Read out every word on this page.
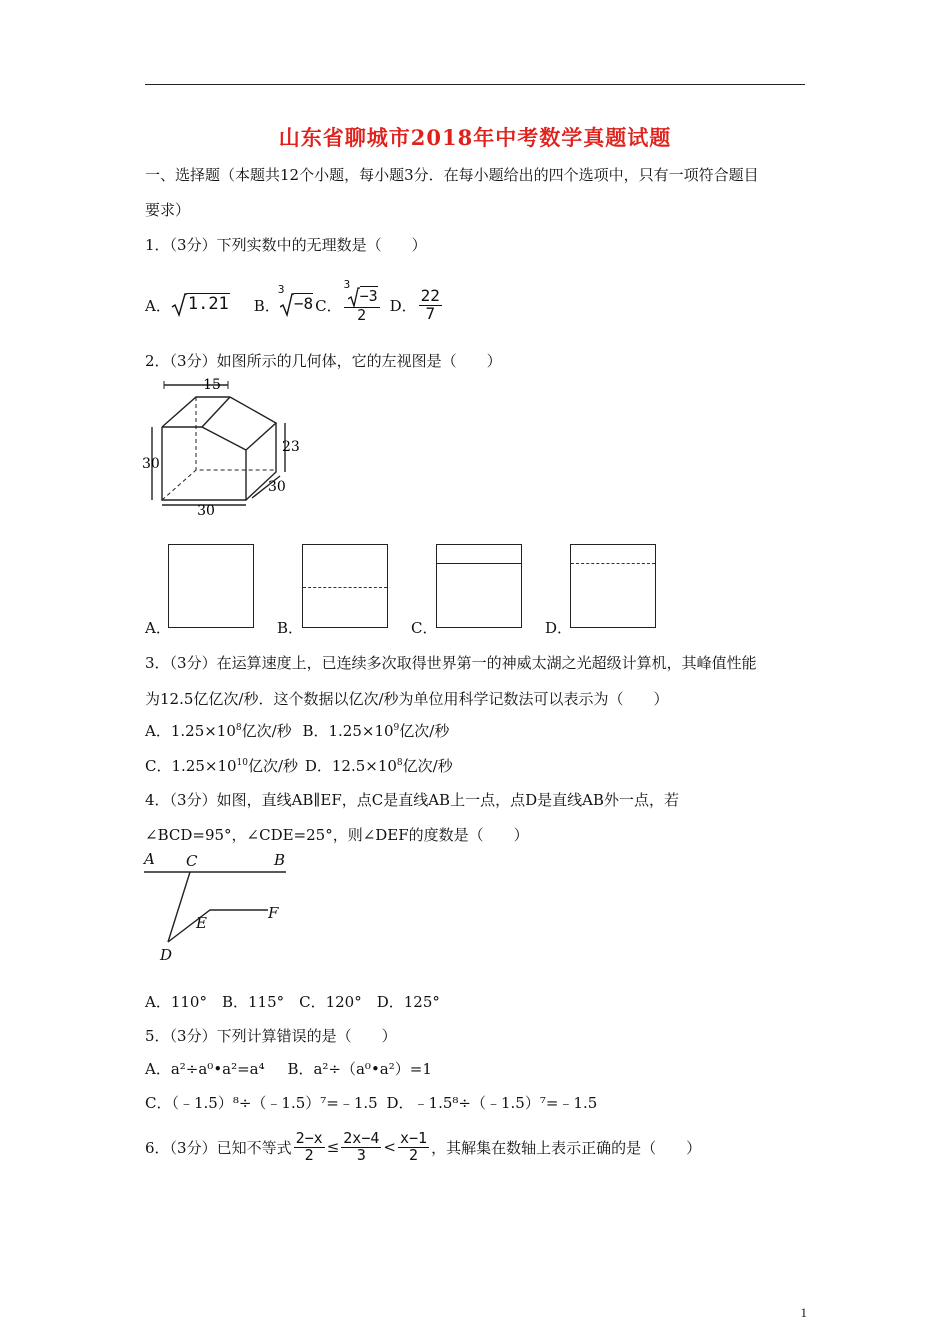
山东省聊城市2018年中考数学真题试题
一、选择题（本题共12个小题，每小题3分．在每小题给出的四个选项中，只有一项符合题目
要求）
1．（3分）下列实数中的无理数是（　　）
A．	1.21 B．
3
−8 C． 3
−3
2 D． $\frac{22}{7}$
2．（3分）如图所示的几何体，它的左视图是（　　）
15
23
30
30
30
A．	B．	C．	D．
3．（3分）在运算速度上，已连续多次取得世界第一的神威太湖之光超级计算机，其峰值性能
为12.5亿亿次/秒．这个数据以亿次/秒为单位用科学记数法可以表示为（　　）
A．$1.25\times 10^8$亿次/秒 B．$1.25\times 10^9$亿次/秒
C．$1.25\times 10^{10}$亿次/秒 D．$12.5\times 10^8$亿次/秒
4．（3分）如图，直线AB∥EF，点C是直线AB上一点，点D是直线AB外一点，若
∠BCD=95°，∠CDE=25°，则∠DEF的度数是（　　）
A C	B
E
F
D
A．110°　B．115°　C．120°　D．125°
5．（3分）下列计算错误的是（　　）
A．a²÷a⁰•a²=a⁴ B．a²÷（a⁰•a²）=1
C．（﹣1.5）⁸÷（﹣1.5）⁷=﹣1.5 D．﹣1.5⁸÷（﹣1.5）⁷=﹣1.5
6．（3分）已知不等式 $\frac{2-x}{2} \le \frac{2x-4}{3} < \frac{x-1}{2}$ ，其解集在数轴上表示正确的是（　　）
1
